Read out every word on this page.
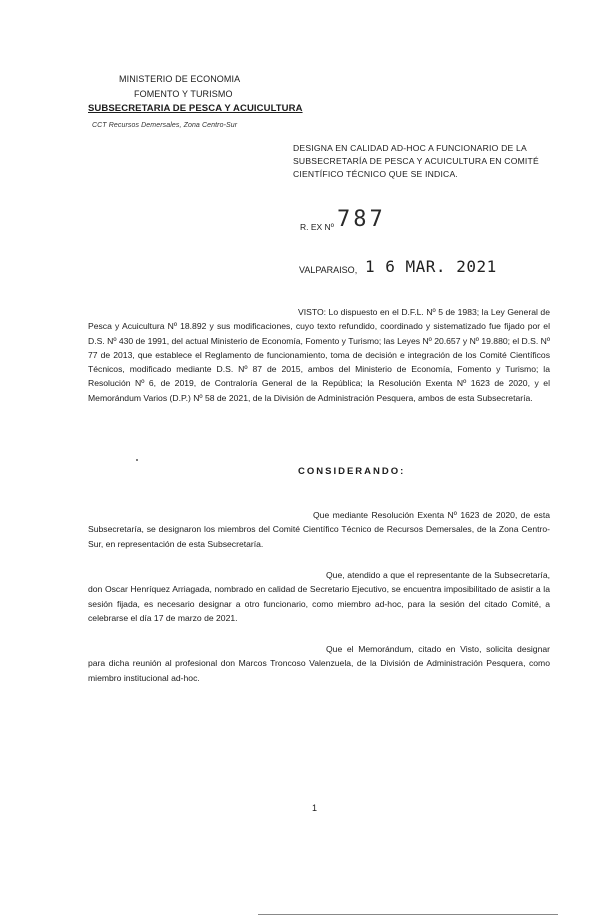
MINISTERIO DE ECONOMIA
FOMENTO Y TURISMO
SUBSECRETARIA DE PESCA Y ACUICULTURA
CCT Recursos Demersales, Zona Centro-Sur
DESIGNA EN CALIDAD AD-HOC A FUNCIONARIO DE LA SUBSECRETARÍA DE PESCA Y ACUICULTURA EN COMITÉ CIENTÍFICO TÉCNICO QUE SE INDICA.
R. EX Nº 787
VALPARAISO, 1 6 MAR. 2021
VISTO: Lo dispuesto en el D.F.L. Nº 5 de 1983; la Ley General de Pesca y Acuicultura Nº 18.892 y sus modificaciones, cuyo texto refundido, coordinado y sistematizado fue fijado por el D.S. Nº 430 de 1991, del actual Ministerio de Economía, Fomento y Turismo; las Leyes Nº 20.657 y Nº 19.880; el D.S. Nº 77 de 2013, que establece el Reglamento de funcionamiento, toma de decisión e integración de los Comité Científicos Técnicos, modificado mediante D.S. Nº 87 de 2015, ambos del Ministerio de Economía, Fomento y Turismo; la Resolución Nº 6, de 2019, de Contraloría General de la República; la Resolución Exenta Nº 1623 de 2020, y el Memorándum Varios (D.P.) Nº 58 de 2021, de la División de Administración Pesquera, ambos de esta Subsecretaría.
CONSIDERANDO:
Que mediante Resolución Exenta Nº 1623 de 2020, de esta Subsecretaría, se designaron los miembros del Comité Científico Técnico de Recursos Demersales, de la Zona Centro-Sur, en representación de esta Subsecretaría.
Que, atendido a que el representante de la Subsecretaría, don Oscar Henríquez Arriagada, nombrado en calidad de Secretario Ejecutivo, se encuentra imposibilitado de asistir a la sesión fijada, es necesario designar a otro funcionario, como miembro ad-hoc, para la sesión del citado Comité, a celebrarse el día 17 de marzo de 2021.
Que el Memorándum, citado en Visto, solicita designar para dicha reunión al profesional don Marcos Troncoso Valenzuela, de la División de Administración Pesquera, como miembro institucional ad-hoc.
1
